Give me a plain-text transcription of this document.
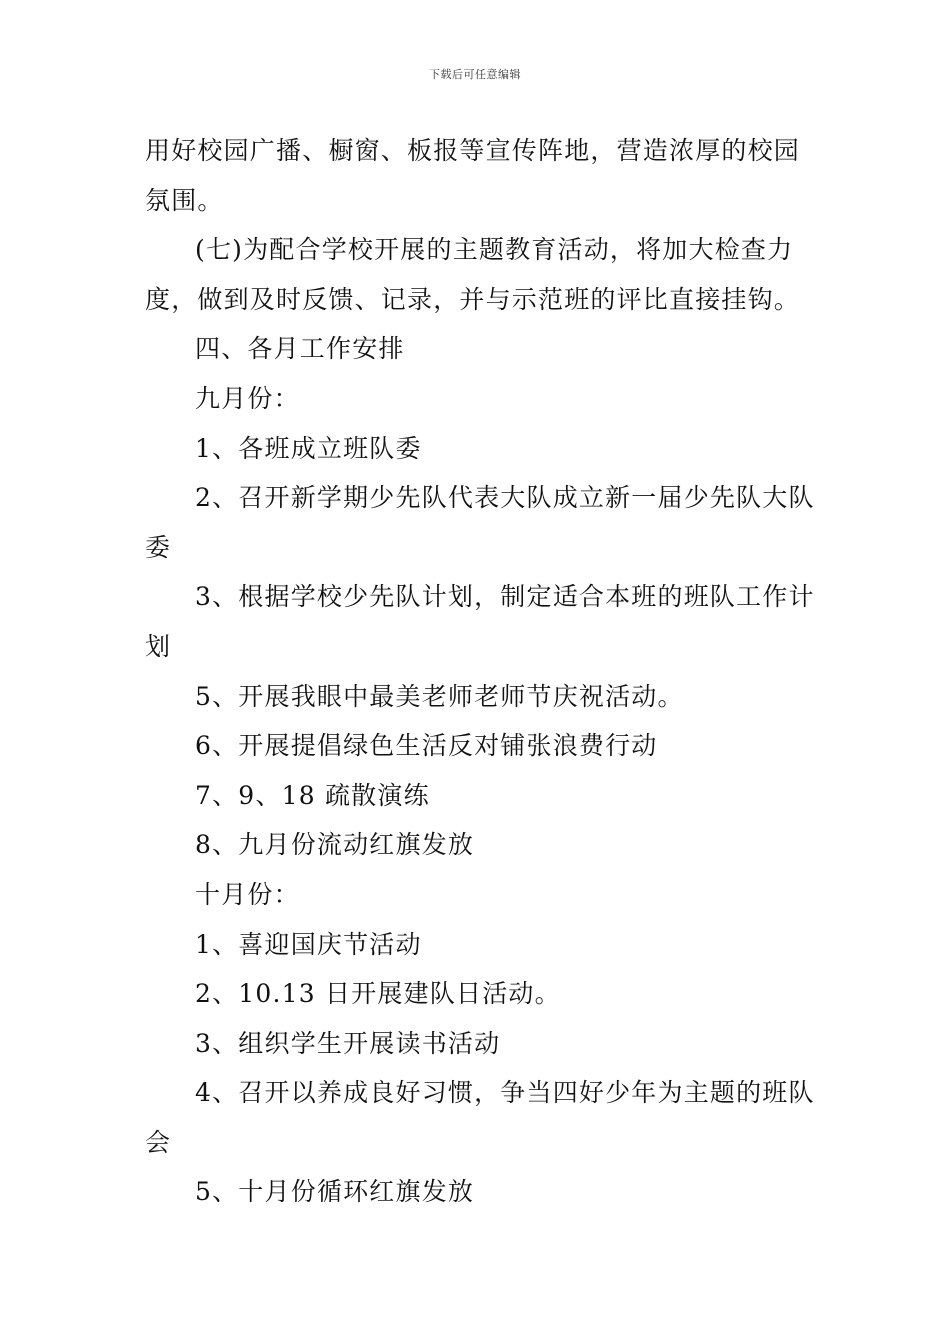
下载后可任意编辑
用好校园广播、橱窗、板报等宣传阵地，营造浓厚的校园
氛围。
(七)为配合学校开展的主题教育活动，将加大检查力
度，做到及时反馈、记录，并与示范班的评比直接挂钩。
四、各月工作安排
九月份：
1、各班成立班队委
2、召开新学期少先队代表大队成立新一届少先队大队
委
3、根据学校少先队计划，制定适合本班的班队工作计
划
5、开展我眼中最美老师老师节庆祝活动。
6、开展提倡绿色生活反对铺张浪费行动
7、9、18 疏散演练
8、九月份流动红旗发放
十月份：
1、喜迎国庆节活动
2、10.13 日开展建队日活动。
3、组织学生开展读书活动
4、召开以养成良好习惯，争当四好少年为主题的班队
会
5、十月份循环红旗发放
